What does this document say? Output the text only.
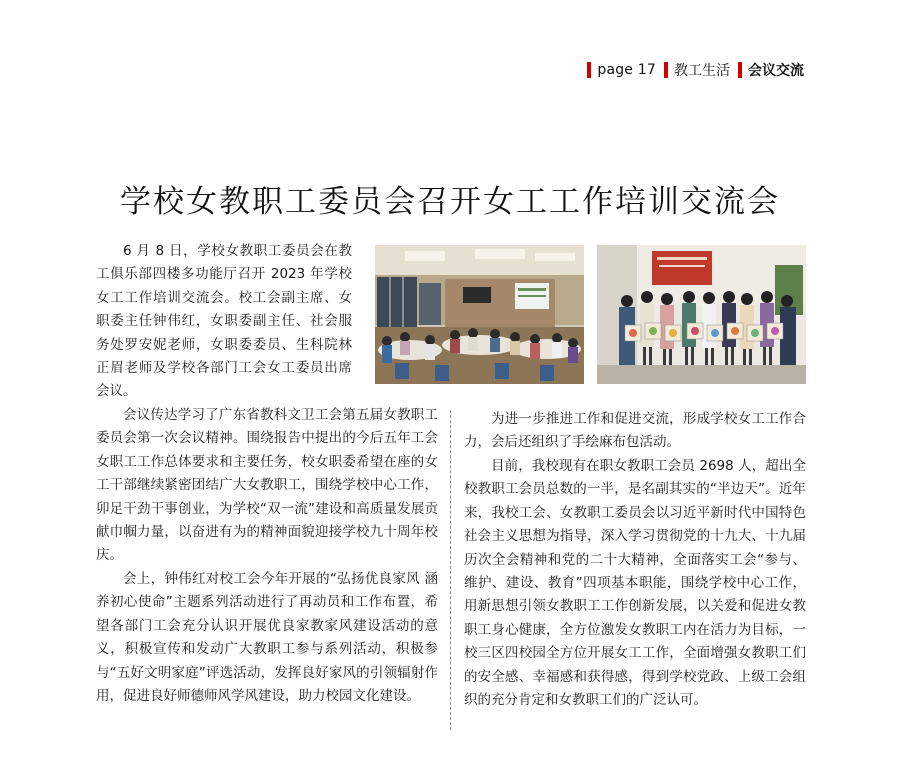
page 17 教工生活 会议交流
学校女教职工委员会召开女工工作培训交流会

6 月 8 日，学校女教职工委员会在教工俱乐部四楼多功能厅召开 2023 年学校女工工作培训交流会。校工会副主席、女职委主任钟伟红，女职委副主任、社会服务处罗安妮老师，女职委委员、生科院林正眉老师及学校各部门工会女工委员出席会议。

会议传达学习了广东省教科文卫工会第五届女教职工委员会第一次会议精神。围绕报告中提出的今后五年工会女职工工作总体要求和主要任务，校女职委希望在座的女工干部继续紧密团结广大女教职工，围绕学校中心工作，卯足干劲干事创业，为学校“双一流”建设和高质量发展贡献巾帼力量，以奋进有为的精神面貌迎接学校九十周年校庆。

会上，钟伟红对校工会今年开展的“弘扬优良家风 涵养初心使命”主题系列活动进行了再动员和工作布置，希望各部门工会充分认识开展优良家教家风建设活动的意义，积极宣传和发动广大教职工参与系列活动，积极参与“五好文明家庭”评选活动，发挥良好家风的引领辐射作用，促进良好师德师风学风建设，助力校园文化建设。

为进一步推进工作和促进交流，形成学校女工工作合力，会后还组织了手绘麻布包活动。

目前，我校现有在职女教职工会员 2698 人，超出全校教职工会员总数的一半，是名副其实的“半边天”。近年来，我校工会、女教职工委员会以习近平新时代中国特色社会主义思想为指导，深入学习贯彻党的十九大、十九届历次全会精神和党的二十大精神，全面落实工会“参与、维护、建设、教育”四项基本职能，围绕学校中心工作，用新思想引领女教职工工作创新发展，以关爱和促进女教职工身心健康，全方位激发女教职工内在活力为目标，一校三区四校园全方位开展女工工作，全面增强女教职工们的安全感、幸福感和获得感，得到学校党政、上级工会组织的充分肯定和女教职工们的广泛认可。
